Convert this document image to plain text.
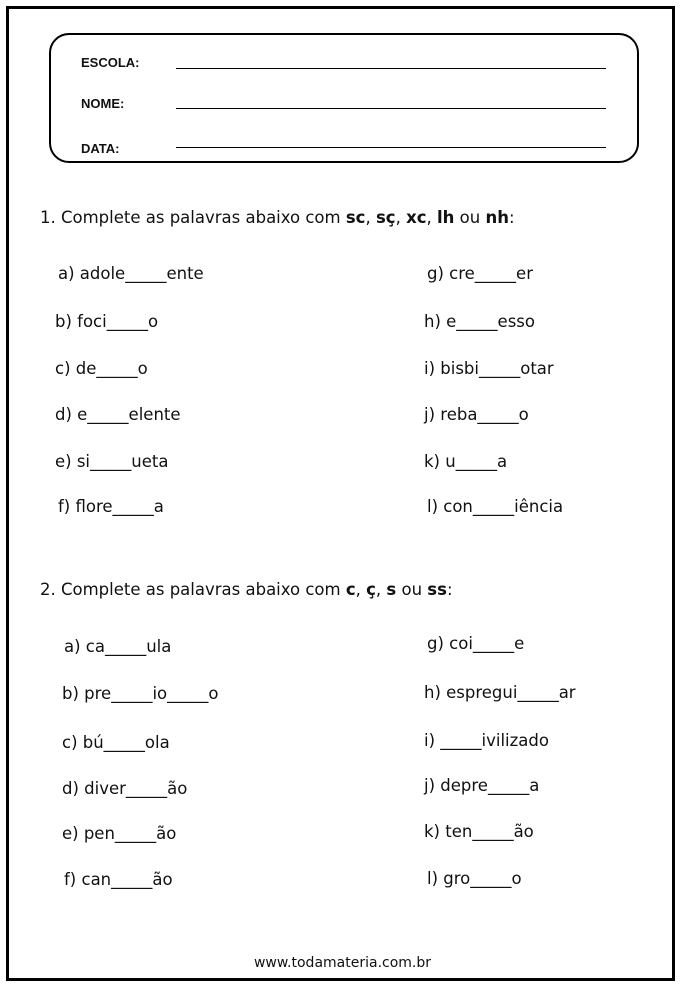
ESCOLA:
NOME:
DATA:
1. Complete as palavras abaixo com sc, sç, xc, lh ou nh:
a) adole_____ente
b) foci_____o
c) de_____o
d) e_____elente
e) si_____ueta
f) flore_____a
g) cre_____er
h) e_____esso
i) bisbi_____otar
j) reba_____o
k) u_____a
l) con_____iência
2. Complete as palavras abaixo com c, ç, s ou ss:
a) ca_____ula
b) pre_____io_____o
c) bú_____ola
d) diver_____ão
e) pen_____ão
f) can_____ão
g) coi_____e
h) espregui_____ar
i) _____ivilizado
j) depre_____a
k) ten_____ão
l) gro_____o
www.todamateria.com.br
